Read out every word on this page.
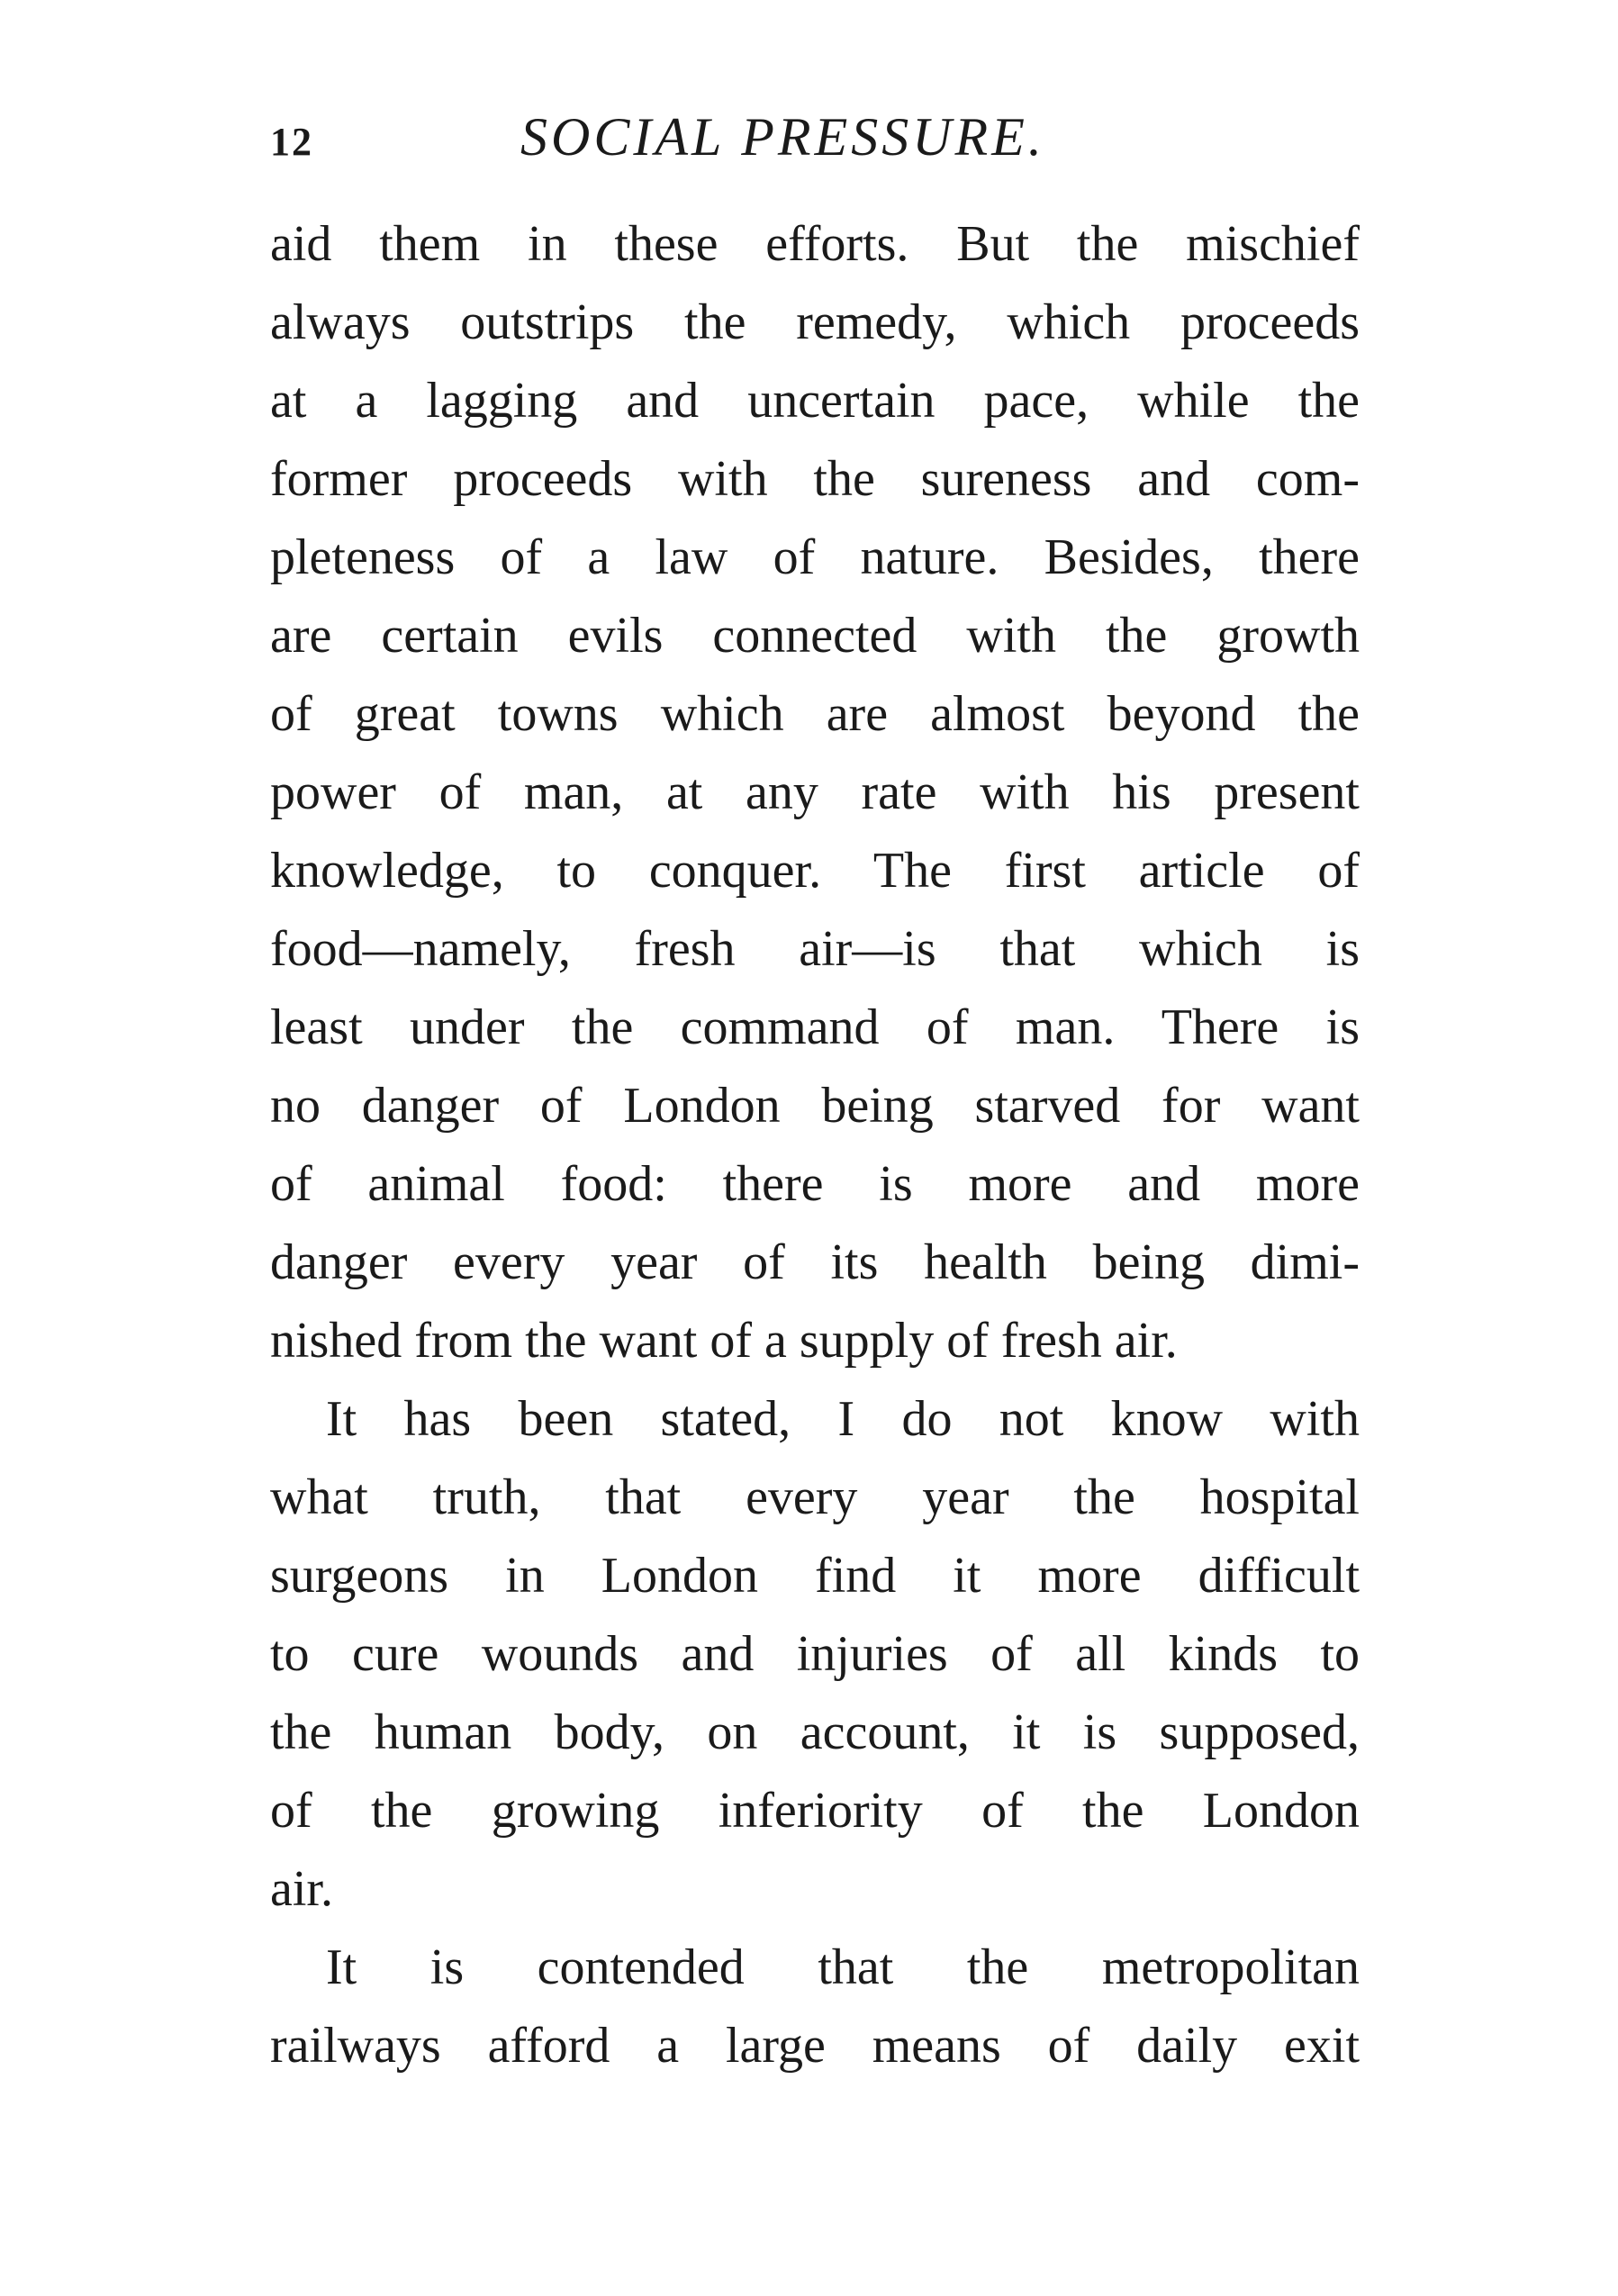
12	SOCIAL PRESSURE.
aid them in these efforts. But the mischief
always outstrips the remedy, which proceeds
at a lagging and uncertain pace, while the
former proceeds with the sureness and com-
pleteness of a law of nature. Besides, there
are certain evils connected with the growth
of great towns which are almost beyond the
power of man, at any rate with his present
knowledge, to conquer. The first article of
food—namely, fresh air—is that which is
least under the command of man. There is
no danger of London being starved for want
of animal food: there is more and more
danger every year of its health being dimi-
nished from the want of a supply of fresh air.
It has been stated, I do not know with
what truth, that every year the hospital
surgeons in London find it more difficult
to cure wounds and injuries of all kinds to
the human body, on account, it is supposed,
of the growing inferiority of the London
air.
It is contended that the metropolitan
railways afford a large means of daily exit
